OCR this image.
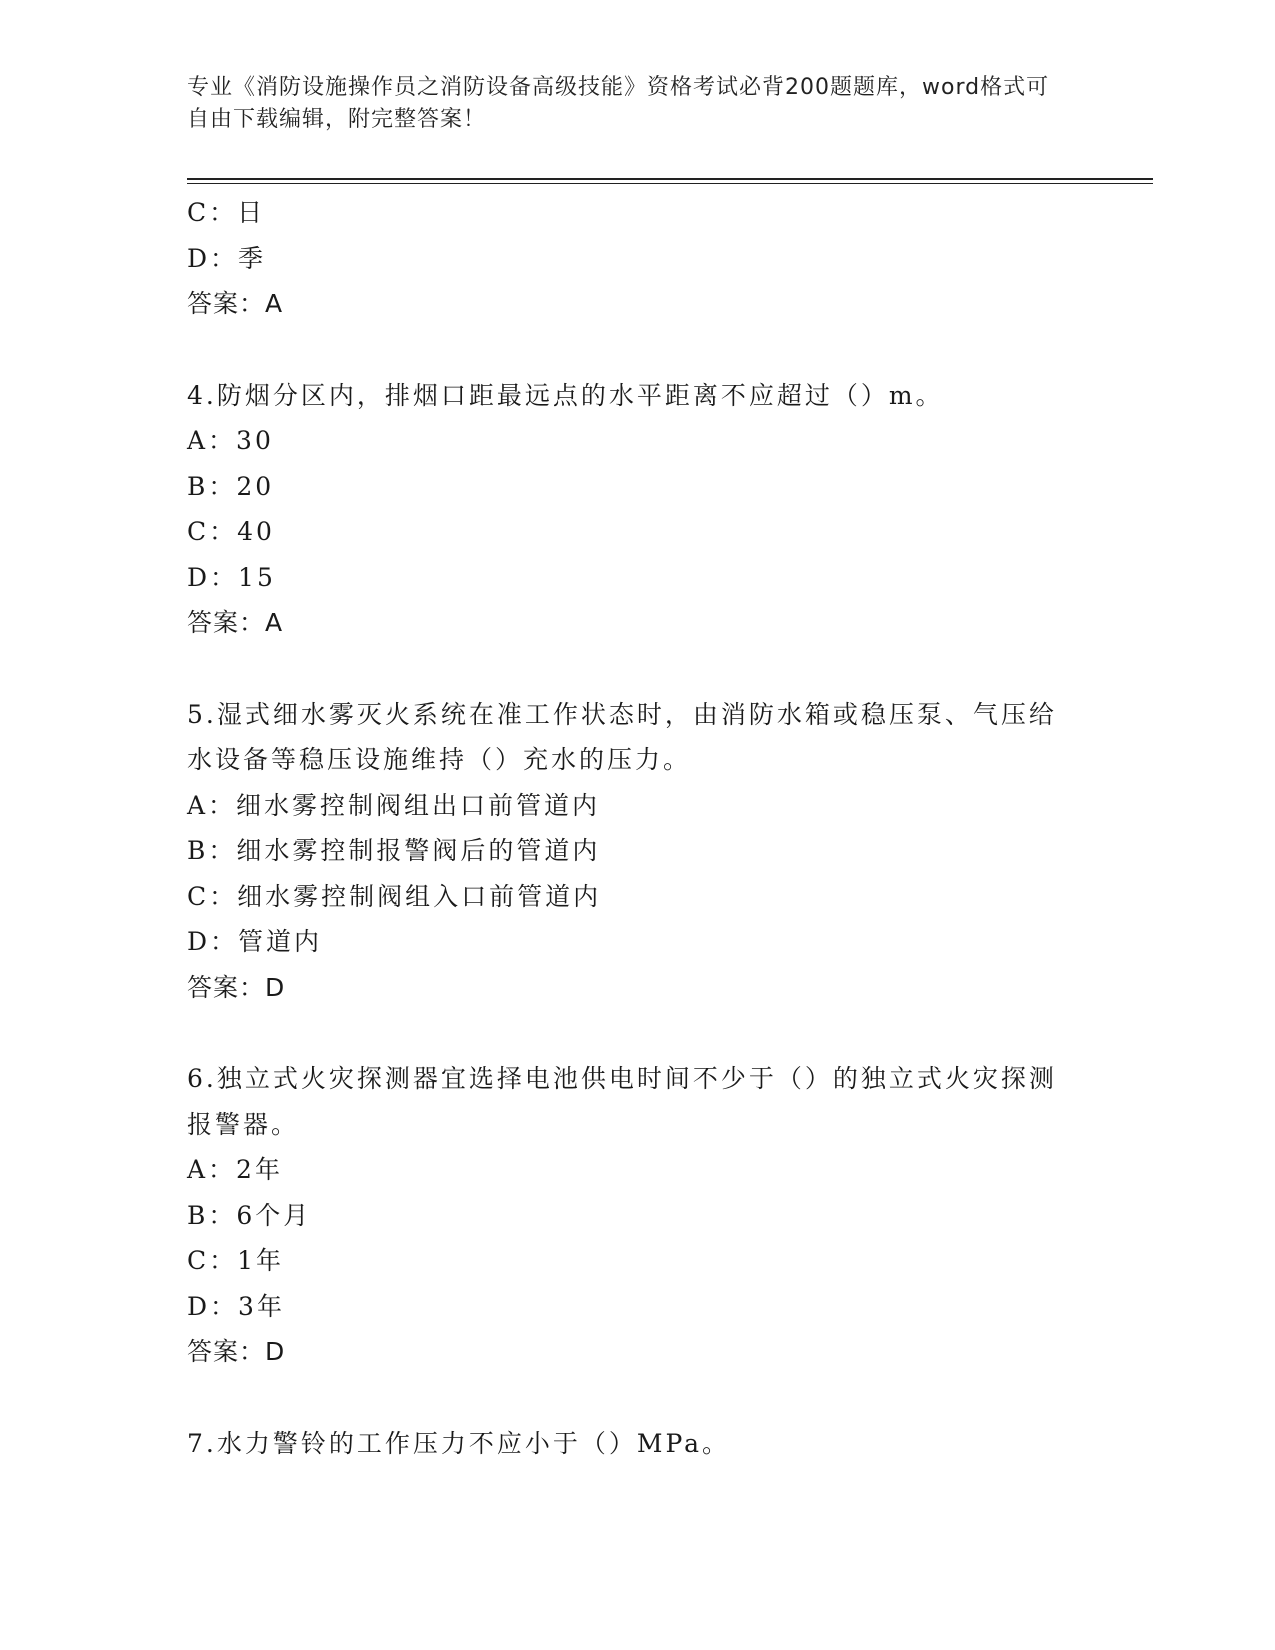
专业《消防设施操作员之消防设备高级技能》资格考试必背200题题库，word格式可自由下载编辑，附完整答案！
C：日
D：季
答案：A
4.防烟分区内，排烟口距最远点的水平距离不应超过（）m。
A：30
B：20
C：40
D：15
答案：A
5.湿式细水雾灭火系统在准工作状态时，由消防水箱或稳压泵、气压给水设备等稳压设施维持（）充水的压力。
A：细水雾控制阀组出口前管道内
B：细水雾控制报警阀后的管道内
C：细水雾控制阀组入口前管道内
D：管道内
答案：D
6.独立式火灾探测器宜选择电池供电时间不少于（）的独立式火灾探测报警器。
A：2年
B：6个月
C：1年
D：3年
答案：D
7.水力警铃的工作压力不应小于（）MPa。
